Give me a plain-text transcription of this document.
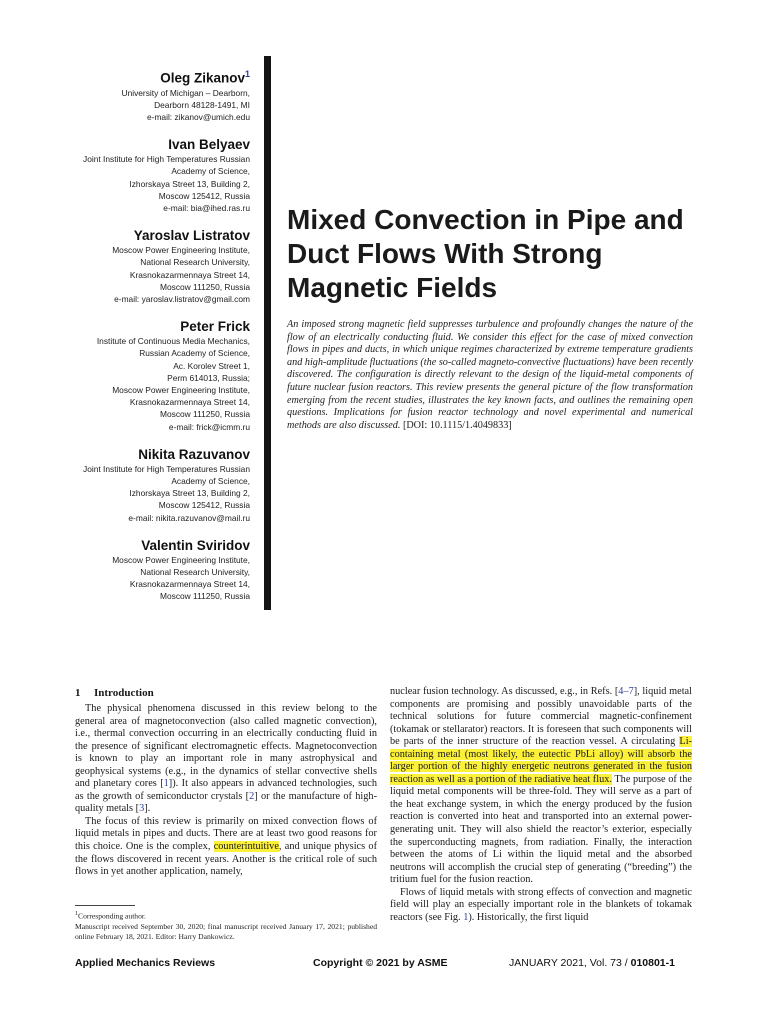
Oleg Zikanov$^1$
University of Michigan – Dearborn,
Dearborn 48128-1491, MI
e-mail: zikanov@umich.edu
Ivan Belyaev
Joint Institute for High Temperatures Russian
Academy of Science,
Izhorskaya Street 13, Building 2,
Moscow 125412, Russia
e-mail: bia@ihed.ras.ru
Yaroslav Listratov
Moscow Power Engineering Institute,
National Research University,
Krasnokazarmennaya Street 14,
Moscow 111250, Russia
e-mail: yaroslav.listratov@gmail.com
Peter Frick
Institute of Continuous Media Mechanics,
Russian Academy of Science,
Ac. Korolev Street 1,
Perm 614013, Russia;
Moscow Power Engineering Institute,
Krasnokazarmennaya Street 14,
Moscow 111250, Russia
e-mail: frick@icmm.ru
Nikita Razuvanov
Joint Institute for High Temperatures Russian
Academy of Science,
Izhorskaya Street 13, Building 2,
Moscow 125412, Russia
e-mail: nikita.razuvanov@mail.ru
Valentin Sviridov
Moscow Power Engineering Institute,
National Research University,
Krasnokazarmennaya Street 14,
Moscow 111250, Russia
Mixed Convection in Pipe and Duct Flows With Strong Magnetic Fields
An imposed strong magnetic field suppresses turbulence and profoundly changes the nature of the flow of an electrically conducting fluid. We consider this effect for the case of mixed convection flows in pipes and ducts, in which unique regimes characterized by extreme temperature gradients and high-amplitude fluctuations (the so-called magneto-convective fluctuations) have been recently discovered. The configuration is directly relevant to the design of the liquid-metal components of future nuclear fusion reactors. This review presents the general picture of the flow transformation emerging from the recent studies, illustrates the key known facts, and outlines the remaining open questions. Implications for fusion reactor technology and novel experimental and numerical methods are also discussed. [DOI: 10.1115/1.4049833]
1 Introduction

The physical phenomena discussed in this review belong to the general area of magnetoconvection (also called magnetic convection), i.e., thermal convection occurring in an electrically conducting fluid in the presence of significant electromagnetic effects. Magnetoconvection is known to play an important role in many astrophysical and geophysical systems (e.g., in the dynamics of stellar convective shells and planetary cores [1]). It also appears in advanced technologies, such as the growth of semiconductor crystals [2] or the manufacture of high-quality metals [3].

The focus of this review is primarily on mixed convection flows of liquid metals in pipes and ducts. There are at least two good reasons for this choice. One is the complex, counterintuitive, and unique physics of the flows discovered in recent years. Another is the critical role of such flows in yet another application, namely,

nuclear fusion technology. As discussed, e.g., in Refs. [4–7], liquid metal components are promising and possibly unavoidable parts of the technical solutions for future commercial magnetic-confinement (tokamak or stellarator) reactors. It is foreseen that such components will be parts of the inner structure of the reaction vessel. A circulating Li-containing metal (most likely, the eutectic PbLi alloy) will absorb the larger portion of the highly energetic neutrons generated in the fusion reaction as well as a portion of the radiative heat flux. The purpose of the liquid metal components will be three-fold. They will serve as a part of the heat exchange system, in which the energy produced by the fusion reaction is converted into heat and transported into an external power-generating unit. They will also shield the reactor’s exterior, especially the superconducting magnets, from radiation. Finally, the interaction between the atoms of Li within the liquid metal and the absorbed neutrons will accomplish the crucial step of generating (“breeding”) the tritium fuel for the fusion reaction.

Flows of liquid metals with strong effects of convection and magnetic field will play an especially important role in the blankets of tokamak reactors (see Fig. 1). Historically, the first liquid

$^1$Corresponding author.
Manuscript received September 30, 2020; final manuscript received January 17, 2021; published online February 18, 2021. Editor: Harry Dankowicz.
Applied Mechanics Reviews	Copyright © 2021 by ASME	JANUARY 2021, Vol. 73 / 010801-1
